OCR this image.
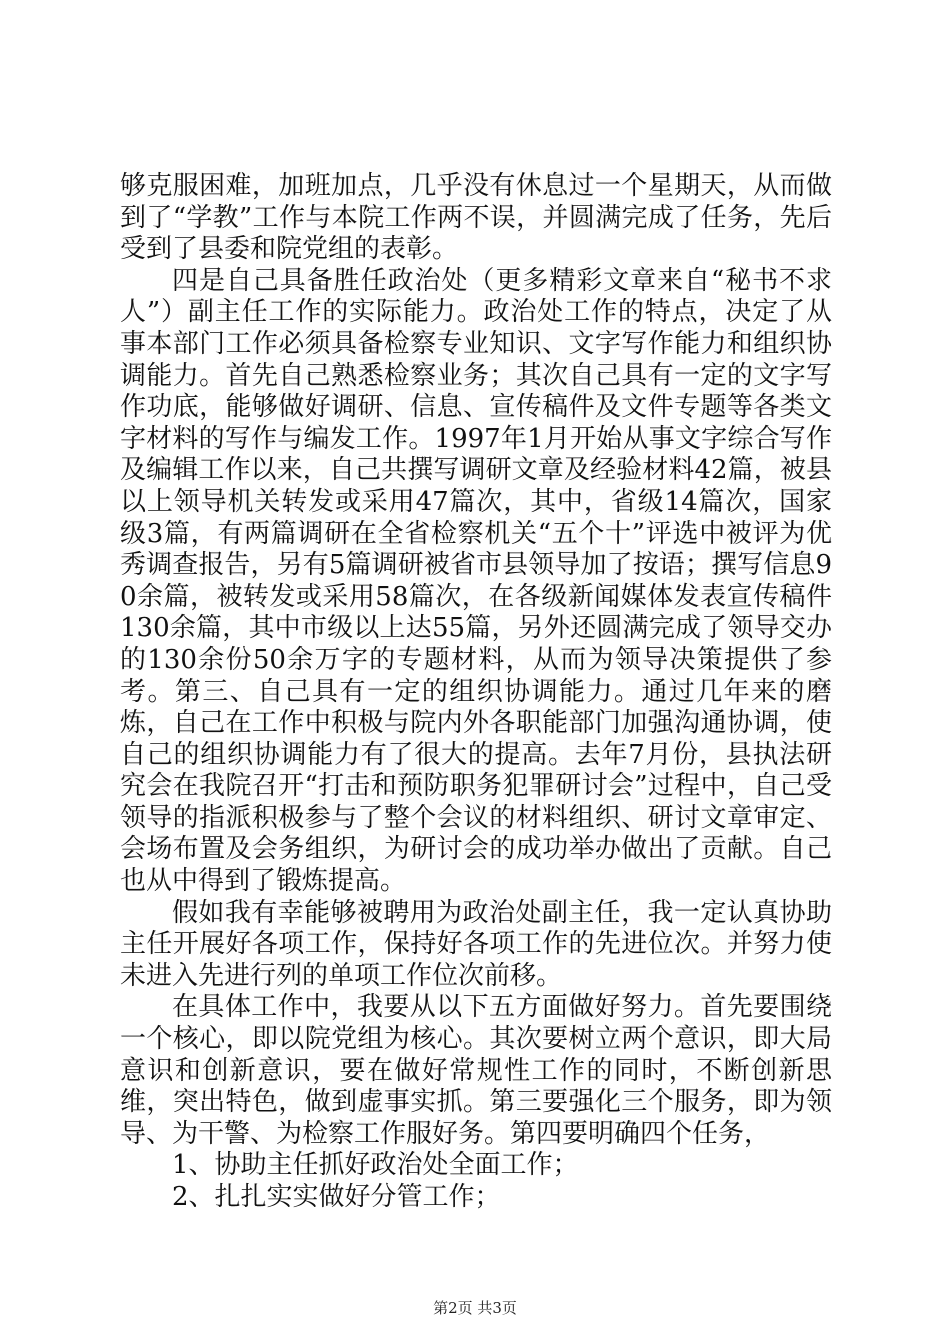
够克服困难，加班加点，几乎没有休息过一个星期天，从而做到了“学教”工作与本院工作两不误，并圆满完成了任务，先后受到了县委和院党组的表彰。

四是自己具备胜任政治处（更多精彩文章来自“秘书不求人”）副主任工作的实际能力。政治处工作的特点，决定了从事本部门工作必须具备检察专业知识、文字写作能力和组织协调能力。首先自己熟悉检察业务；其次自己具有一定的文字写作功底，能够做好调研、信息、宣传稿件及文件专题等各类文字材料的写作与编发工作。1997年1月开始从事文字综合写作及编辑工作以来，自己共撰写调研文章及经验材料42篇，被县以上领导机关转发或采用47篇次，其中，省级14篇次，国家级3篇，有两篇调研在全省检察机关“五个十”评选中被评为优秀调查报告，另有5篇调研被省市县领导加了按语；撰写信息90余篇，被转发或采用58篇次，在各级新闻媒体发表宣传稿件130余篇，其中市级以上达55篇，另外还圆满完成了领导交办的130余份50余万字的专题材料，从而为领导决策提供了参考。第三、自己具有一定的组织协调能力。通过几年来的磨炼，自己在工作中积极与院内外各职能部门加强沟通协调，使自己的组织协调能力有了很大的提高。去年7月份，县执法研究会在我院召开“打击和预防职务犯罪研讨会”过程中，自己受领导的指派积极参与了整个会议的材料组织、研讨文章审定、会场布置及会务组织，为研讨会的成功举办做出了贡献。自己也从中得到了锻炼提高。

假如我有幸能够被聘用为政治处副主任，我一定认真协助主任开展好各项工作，保持好各项工作的先进位次。并努力使未进入先进行列的单项工作位次前移。

在具体工作中，我要从以下五方面做好努力。首先要围绕一个核心，即以院党组为核心。其次要树立两个意识，即大局意识和创新意识，要在做好常规性工作的同时，不断创新思维，突出特色，做到虚事实抓。第三要强化三个服务，即为领导、为干警、为检察工作服好务。第四要明确四个任务，

1、协助主任抓好政治处全面工作；

2、扎扎实实做好分管工作；

第2页 共3页
